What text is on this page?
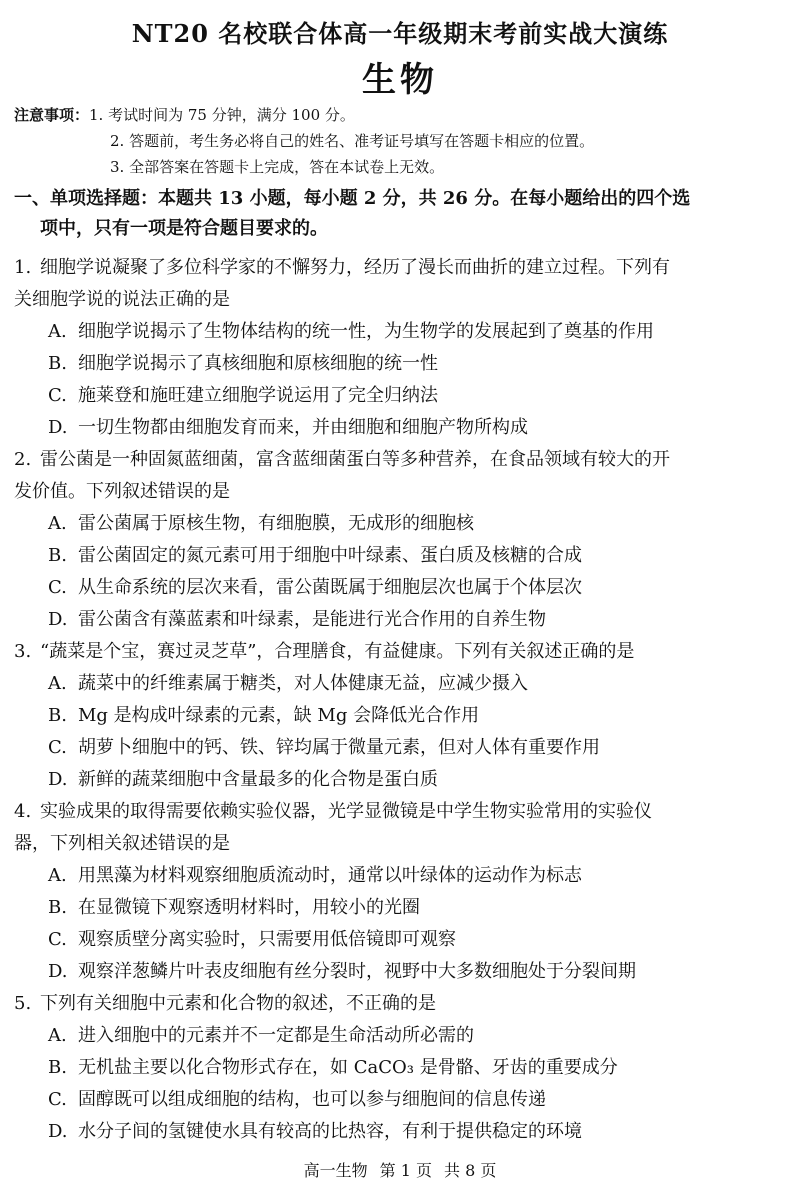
NT20 名校联合体高一年级期末考前实战大演练
生物
注意事项：1. 考试时间为 75 分钟，满分 100 分。
2. 答题前，考生务必将自己的姓名、准考证号填写在答题卡相应的位置。
3. 全部答案在答题卡上完成，答在本试卷上无效。
一、单项选择题：本题共 13 小题，每小题 2 分，共 26 分。在每小题给出的四个选
项中，只有一项是符合题目要求的。
1. 细胞学说凝聚了多位科学家的不懈努力，经历了漫长而曲折的建立过程。下列有
关细胞学说的说法正确的是
A. 细胞学说揭示了生物体结构的统一性，为生物学的发展起到了奠基的作用
B. 细胞学说揭示了真核细胞和原核细胞的统一性
C. 施莱登和施旺建立细胞学说运用了完全归纳法
D. 一切生物都由细胞发育而来，并由细胞和细胞产物所构成
2. 雷公菌是一种固氮蓝细菌，富含蓝细菌蛋白等多种营养，在食品领域有较大的开
发价值。下列叙述错误的是
A. 雷公菌属于原核生物，有细胞膜，无成形的细胞核
B. 雷公菌固定的氮元素可用于细胞中叶绿素、蛋白质及核糖的合成
C. 从生命系统的层次来看，雷公菌既属于细胞层次也属于个体层次
D. 雷公菌含有藻蓝素和叶绿素，是能进行光合作用的自养生物
3. “蔬菜是个宝，赛过灵芝草”，合理膳食，有益健康。下列有关叙述正确的是
A. 蔬菜中的纤维素属于糖类，对人体健康无益，应减少摄入
B. Mg 是构成叶绿素的元素，缺 Mg 会降低光合作用
C. 胡萝卜细胞中的钙、铁、锌均属于微量元素，但对人体有重要作用
D. 新鲜的蔬菜细胞中含量最多的化合物是蛋白质
4. 实验成果的取得需要依赖实验仪器，光学显微镜是中学生物实验常用的实验仪
器，下列相关叙述错误的是
A. 用黑藻为材料观察细胞质流动时，通常以叶绿体的运动作为标志
B. 在显微镜下观察透明材料时，用较小的光圈
C. 观察质壁分离实验时，只需要用低倍镜即可观察
D. 观察洋葱鳞片叶表皮细胞有丝分裂时，视野中大多数细胞处于分裂间期
5. 下列有关细胞中元素和化合物的叙述，不正确的是
A. 进入细胞中的元素并不一定都是生命活动所必需的
B. 无机盐主要以化合物形式存在，如 CaCO₃ 是骨骼、牙齿的重要成分
C. 固醇既可以组成细胞的结构，也可以参与细胞间的信息传递
D. 水分子间的氢键使水具有较高的比热容，有利于提供稳定的环境
高一生物 第 1 页 共 8 页
